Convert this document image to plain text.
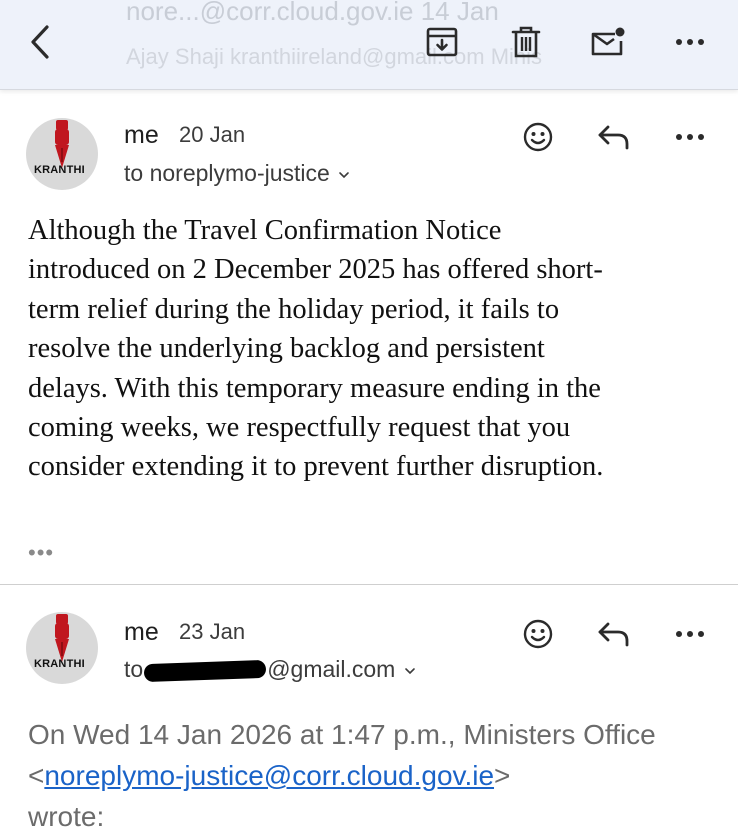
nore...@corr.cloud.gov.ie 14 Jan
Ajay Shaji kranthiireland@gmail.com Minis
KRANTHI
me 20 Jan
to noreplymo-justice
Although the Travel Confirmation Notice
introduced on 2 December 2025 has offered short-
term relief during the holiday period, it fails to
resolve the underlying backlog and persistent
delays. With this temporary measure ending in the
coming weeks, we respectfully request that you
consider extending it to prevent further disruption.
•••
KRANTHI
me 23 Jan
to	@gmail.com
On Wed 14 Jan 2026 at 1:47 p.m., Ministers Office <noreplymo-justice@corr.cloud.gov.ie>
wrote:
